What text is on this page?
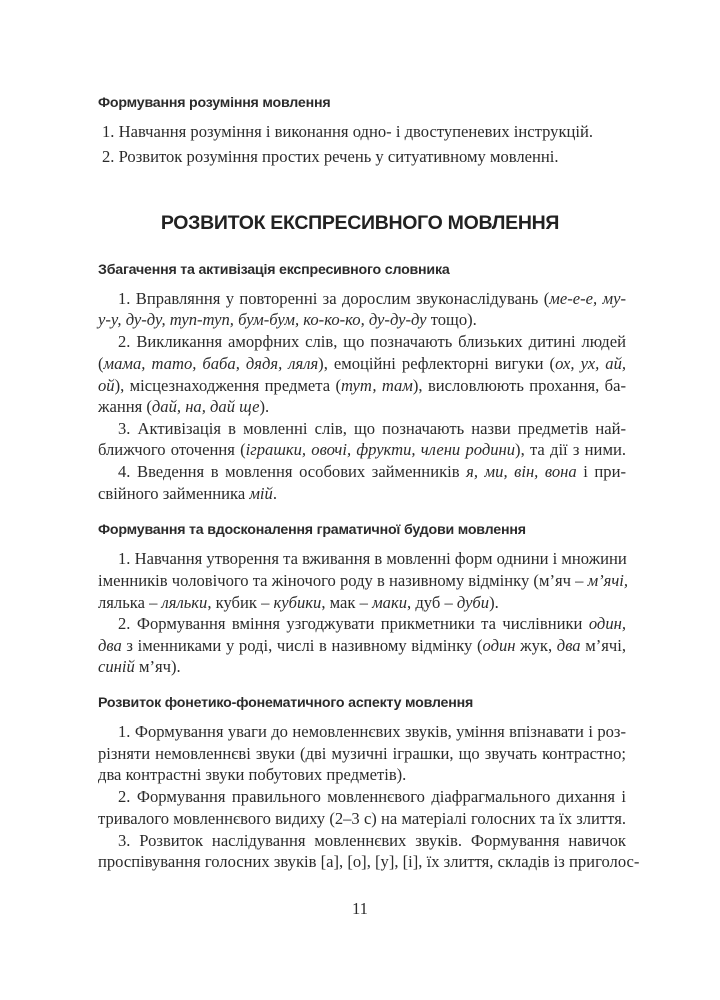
Формування розуміння мовлення
1. Навчання розуміння і виконання одно- і двоступеневих інструкцій.
2. Розвиток розуміння простих речень у ситуативному мовленні.
РОЗВИТОК ЕКСПРЕСИВНОГО МОВЛЕННЯ
Збагачення та активізація експресивного словника
1. Вправляння у повторенні за дорослим звуконаслідувань (ме-е-е, му-
у-у, ду-ду, туп-туп, бум-бум, ко-ко-ко, ду-ду-ду тощо).
2. Викликання аморфних слів, що позначають близьких дитині людей
(мама, тато, баба, дядя, ляля), емоційні рефлекторні вигуки (ох, ух, ай,
ой), місцезнаходження предмета (тут, там), висловлюють прохання, ба-
жання (дай, на, дай ще).
3. Активізація в мовленні слів, що позначають назви предметів най-
ближчого оточення (іграшки, овочі, фрукти, члени родини), та дії з ними.
4. Введення в мовлення особових займенників я, ми, він, вона і при-
свійного займенника мій.
Формування та вдосконалення граматичної будови мовлення
1. Навчання утворення та вживання в мовленні форм однини і множини
іменників чоловічого та жіночого роду в називному відмінку (м’яч – м’ячі,
лялька – ляльки, кубик – кубики, мак – маки, дуб – дуби).
2. Формування вміння узгоджувати прикметники та числівники один,
два з іменниками у роді, числі в називному відмінку (один жук, два м’ячі,
синій м’яч).
Розвиток фонетико-фонематичного аспекту мовлення
1. Формування уваги до немовленнєвих звуків, уміння впізнавати і роз-
різняти немовленнєві звуки (дві музичні іграшки, що звучать контрастно;
два контрастні звуки побутових предметів).
2. Формування правильного мовленнєвого діафрагмального дихання і
тривалого мовленнєвого видиху (2–3 с) на матеріалі голосних та їх злиття.
3. Розвиток наслідування мовленнєвих звуків. Формування навичок
проспівування голосних звуків [а], [о], [у], [і], їх злиття, складів із приголос-
11
